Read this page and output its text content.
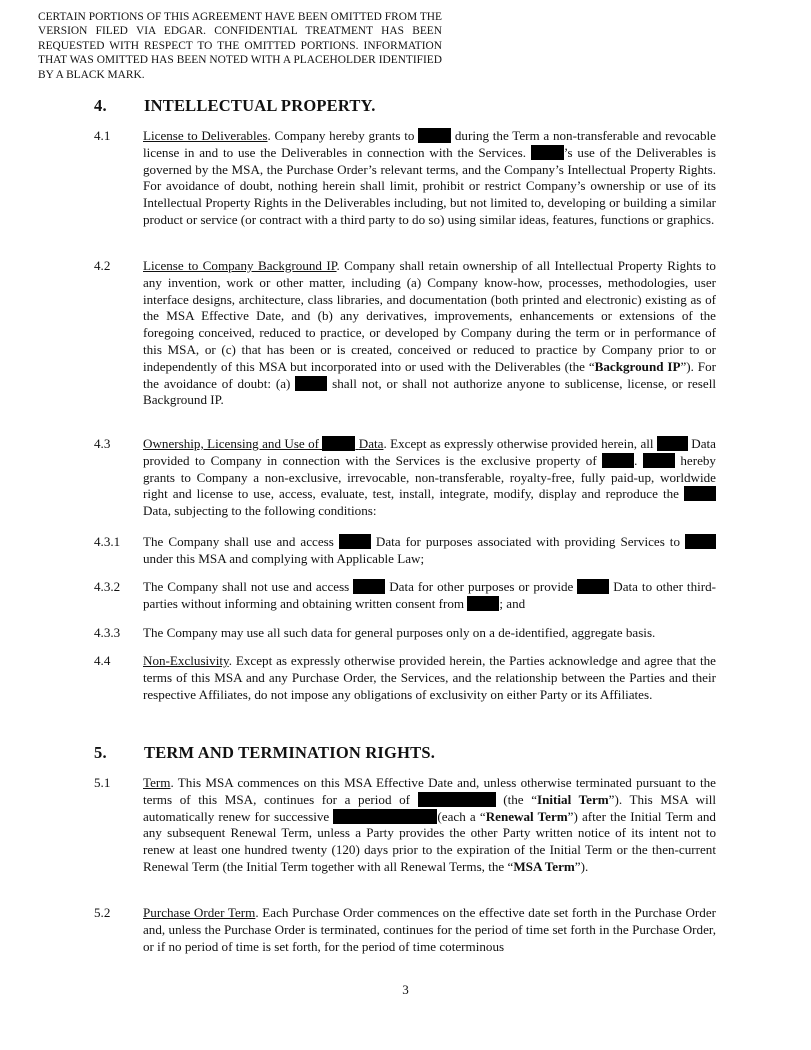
CERTAIN PORTIONS OF THIS AGREEMENT HAVE BEEN OMITTED FROM THE VERSION FILED VIA EDGAR. CONFIDENTIAL TREATMENT HAS BEEN REQUESTED WITH RESPECT TO THE OMITTED PORTIONS. INFORMATION THAT WAS OMITTED HAS BEEN NOTED WITH A PLACEHOLDER IDENTIFIED BY A BLACK MARK.
4. INTELLECTUAL PROPERTY.
4.1 License to Deliverables. Company hereby grants to	during the Term a non-transferable and revocable license in and to use the Deliverables in connection with the Services.	’s use of the Deliverables is governed by the MSA, the Purchase Order’s relevant terms, and the Company’s Intellectual Property Rights. For avoidance of doubt, nothing herein shall limit, prohibit or restrict Company’s ownership or use of its Intellectual Property Rights in the Deliverables including, but not limited to, developing or building a similar product or service (or contract with a third party to do so) using similar ideas, features, functions or graphics.
4.2 License to Company Background IP. Company shall retain ownership of all Intellectual Property Rights to any invention, work or other matter, including (a) Company know-how, processes, methodologies, user interface designs, architecture, class libraries, and documentation (both printed and electronic) existing as of the MSA Effective Date, and (b) any derivatives, improvements, enhancements or extensions of the foregoing conceived, reduced to practice, or developed by Company during the term or in performance of this MSA, or (c) that has been or is created, conceived or reduced to practice by Company prior to or independently of this MSA but incorporated into or used with the Deliverables (the “Background IP”). For the avoidance of doubt: (a)	shall not, or shall not authorize anyone to sublicense, license, or resell Background IP.
4.3 Ownership, Licensing and Use of	Data. Except as expressly otherwise provided herein, all	Data provided to Company in connection with the Services is the exclusive property of	.	hereby grants to Company a non-exclusive, irrevocable, non-transferable, royalty-free, fully paid-up, worldwide right and license to use, access, evaluate, test, install, integrate, modify, display and reproduce the  Data, subjecting to the following conditions:
4.3.1 The Company shall use and access	Data for purposes associated with providing Services to  under this MSA and complying with Applicable Law;
4.3.2 The Company shall not use and access	Data for other purposes or provide	Data to other third-parties without informing and obtaining written consent from	; and
4.3.3 The Company may use all such data for general purposes only on a de-identified, aggregate basis.
4.4 Non-Exclusivity. Except as expressly otherwise provided herein, the Parties acknowledge and agree that the terms of this MSA and any Purchase Order, the Services, and the relationship between the Parties and their respective Affiliates, do not impose any obligations of exclusivity on either Party or its Affiliates.
5. TERM AND TERMINATION RIGHTS.
5.1 Term. This MSA commences on this MSA Effective Date and, unless otherwise terminated pursuant to the terms of this MSA, continues for a period of	(the “Initial Term”). This MSA will automatically renew for successive	(each a “Renewal Term”) after the Initial Term and any subsequent Renewal Term, unless a Party provides the other Party written notice of its intent not to renew at least one hundred twenty (120) days prior to the expiration of the Initial Term or the then-current Renewal Term (the Initial Term together with all Renewal Terms, the “MSA Term”).
5.2 Purchase Order Term. Each Purchase Order commences on the effective date set forth in the Purchase Order and, unless the Purchase Order is terminated, continues for the period of time set forth in the Purchase Order, or if no period of time is set forth, for the period of time coterminous
3
